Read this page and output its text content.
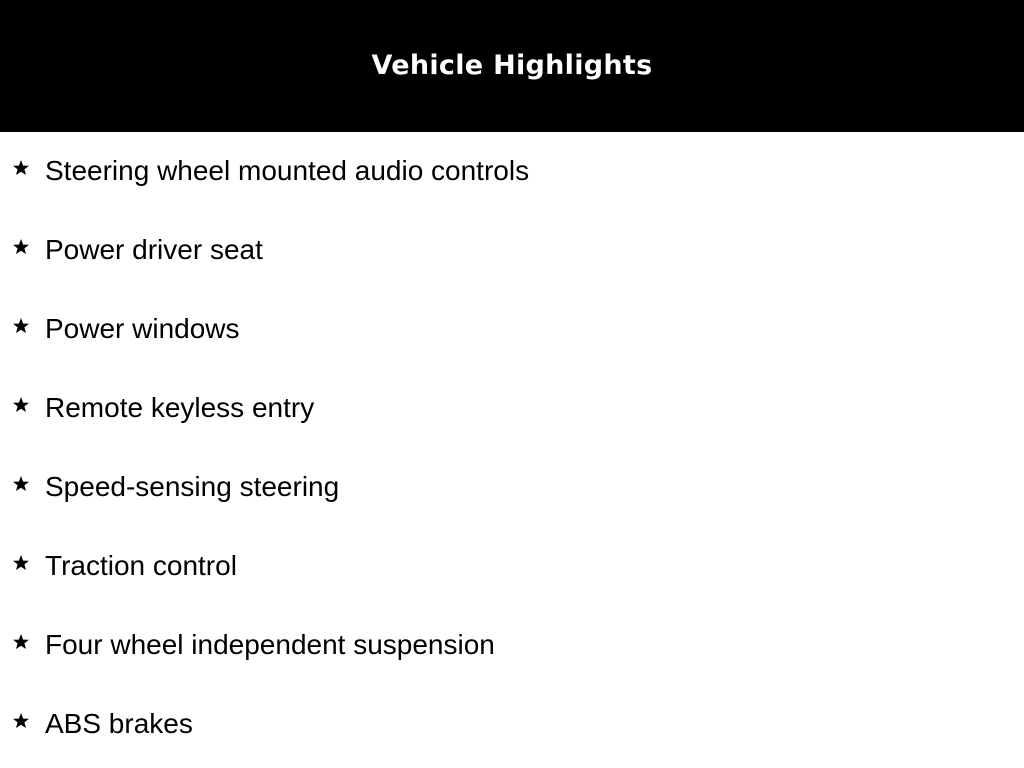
Vehicle Highlights
Steering wheel mounted audio controls
Power driver seat
Power windows
Remote keyless entry
Speed-sensing steering
Traction control
Four wheel independent suspension
ABS brakes
